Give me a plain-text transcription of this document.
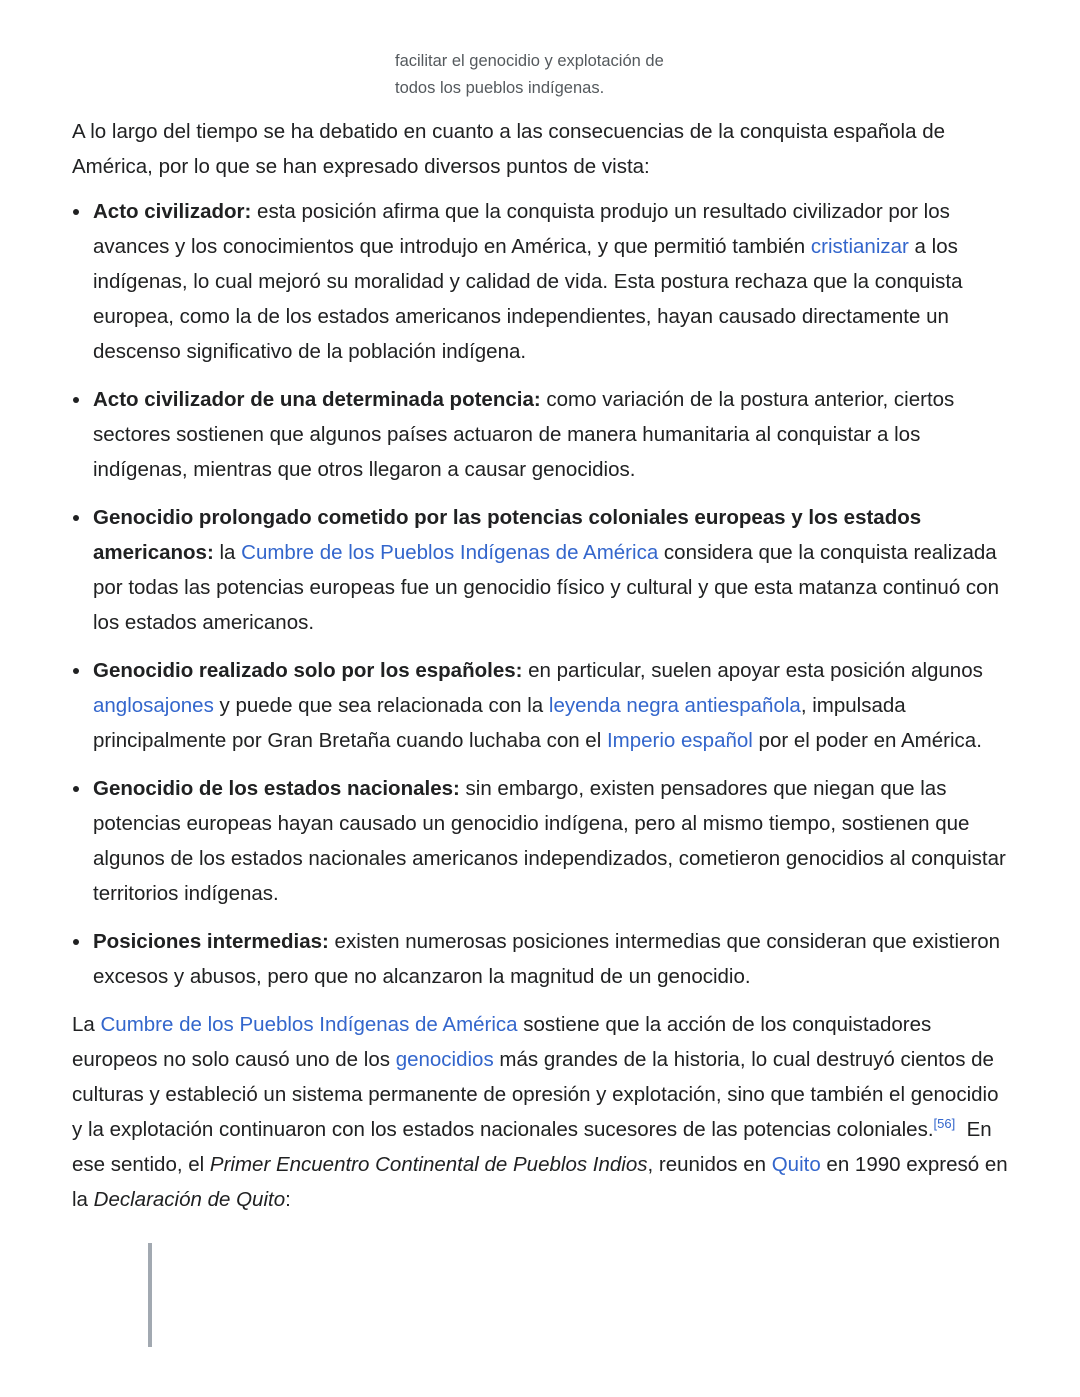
facilitar el genocidio y explotación de
todos los pueblos indígenas.

A lo largo del tiempo se ha debatido en cuanto a las consecuencias de la conquista española de América, por lo que se han expresado diversos puntos de vista:

Acto civilizador: esta posición afirma que la conquista produjo un resultado civilizador por los avances y los conocimientos que introdujo en América, y que permitió también cristianizar a los indígenas, lo cual mejoró su moralidad y calidad de vida. Esta postura rechaza que la conquista europea, como la de los estados americanos independientes, hayan causado directamente un descenso significativo de la población indígena.
Acto civilizador de una determinada potencia: como variación de la postura anterior, ciertos sectores sostienen que algunos países actuaron de manera humanitaria al conquistar a los indígenas, mientras que otros llegaron a causar genocidios.
Genocidio prolongado cometido por las potencias coloniales europeas y los estados americanos: la Cumbre de los Pueblos Indígenas de América considera que la conquista realizada por todas las potencias europeas fue un genocidio físico y cultural y que esta matanza continuó con los estados americanos.
Genocidio realizado solo por los españoles: en particular, suelen apoyar esta posición algunos anglosajones y puede que sea relacionada con la leyenda negra antiespañola, impulsada principalmente por Gran Bretaña cuando luchaba con el Imperio español por el poder en América.
Genocidio de los estados nacionales: sin embargo, existen pensadores que niegan que las potencias europeas hayan causado un genocidio indígena, pero al mismo tiempo, sostienen que algunos de los estados nacionales americanos independizados, cometieron genocidios al conquistar territorios indígenas.
Posiciones intermedias: existen numerosas posiciones intermedias que consideran que existieron excesos y abusos, pero que no alcanzaron la magnitud de un genocidio.

La Cumbre de los Pueblos Indígenas de América sostiene que la acción de los conquistadores europeos no solo causó uno de los genocidios más grandes de la historia, lo cual destruyó cientos de culturas y estableció un sistema permanente de opresión y explotación, sino que también el genocidio y la explotación continuaron con los estados nacionales sucesores de las potencias coloniales.[56]  En ese sentido, el Primer Encuentro Continental de Pueblos Indios, reunidos en Quito en 1990 expresó en la Declaración de Quito:
